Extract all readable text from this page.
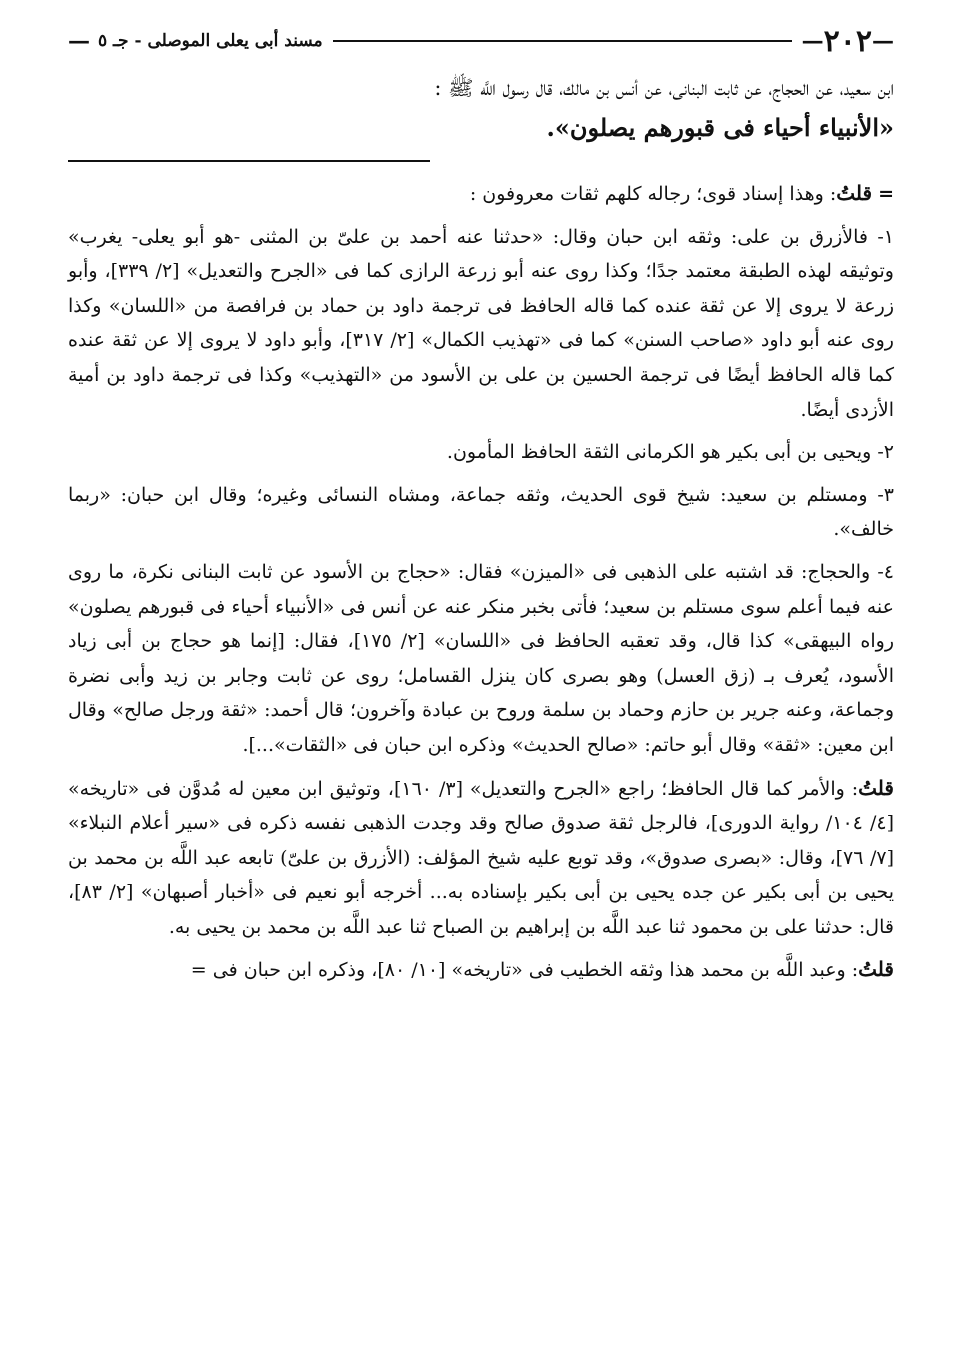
—
٢٠٢
—
مسند أبى يعلى الموصلى - جـ ٥
—
ابن سعيد، عن الحجاج، عن ثابت البنانى، عن أنس بن مالك، قال رسول اللَّه ﷺ :
«الأنبياء أحياء فى قبورهم يصلون».

=قلتُ: وهذا إسناد قوى؛ رجاله كلهم ثقات معروفون :

١- فالأزرق بن على: وثقه ابن حبان وقال: «حدثنا عنه أحمد بن علىّ بن المثنى -هو أبو يعلى- يغرب» وتوثيقه لهذه الطبقة معتمد جدًا؛ وكذا روى عنه أبو زرعة الرازى كما فى «الجرح والتعديل» [٢/ ٣٣٩]، وأبو زرعة لا يروى إلا عن ثقة عنده كما قاله الحافظ فى ترجمة داود بن حماد بن فرافصة من «اللسان» وكذا روى عنه أبو داود «صاحب السنن» كما فى «تهذيب الكمال» [٢/ ٣١٧]، وأبو داود لا يروى إلا عن ثقة عنده كما قاله الحافظ أيضًا فى ترجمة الحسين بن على بن الأسود من «التهذيب» وكذا فى ترجمة داود بن أمية الأزدى أيضًا.

٢- ويحيى بن أبى بكير هو الكرمانى الثقة الحافظ المأمون.

٣- ومستلم بن سعيد: شيخ قوى الحديث، وثقه جماعة، ومشاه النسائى وغيره؛ وقال ابن حبان: «ربما خالف».

٤- والحجاج: قد اشتبه على الذهبى فى «الميزن» فقال: «حجاج بن الأسود عن ثابت البنانى نكرة، ما روى عنه فيما أعلم سوى مستلم بن سعيد؛ فأتى بخبر منكر عنه عن أنس فى «الأنبياء أحياء فى قبورهم يصلون» رواه البيهقى» كذا قال، وقد تعقبه الحافظ فى «اللسان» [٢/ ١٧٥]، فقال: [إنما هو حجاج بن أبى زياد الأسود، يُعرف بـ (زق العسل) وهو بصرى كان ينزل القسامل؛ روى عن ثابت وجابر بن زيد وأبى نضرة وجماعة، وعنه جرير بن حازم وحماد بن سلمة وروح بن عبادة وآخرون؛ قال أحمد: «ثقة ورجل صالح» وقال ابن معين: «ثقة» وقال أبو حاتم: «صالح الحديث» وذكره ابن حبان فى «الثقات»...].

قلتُ: والأمر كما قال الحافظ؛ راجع «الجرح والتعديل» [٣/ ١٦٠]، وتوثيق ابن معين له مُدوَّن فى «تاريخه» [٤/ ١٠٤/ رواية الدورى]، فالرجل ثقة صدوق صالح وقد وجدت الذهبى نفسه ذكره فى «سير أعلام النبلاء» [٧/ ٧٦]، وقال: «بصرى صدوق»، وقد توبع عليه شيخ المؤلف: (الأزرق بن علىّ) تابعه عبد اللَّه بن محمد بن يحيى بن أبى بكير عن جده يحيى بن أبى بكير بإسناده به... أخرجه أبو نعيم فى «أخبار أصبهان» [٢/ ٨٣]، قال: حدثنا على بن محمود ثنا عبد اللَّه بن إبراهيم بن الصباح ثنا عبد اللَّه بن محمد بن يحيى به.

قلتُ: وعبد اللَّه بن محمد هذا وثقه الخطيب فى «تاريخه» [١٠/ ٨٠]، وذكره ابن حبان فى =
